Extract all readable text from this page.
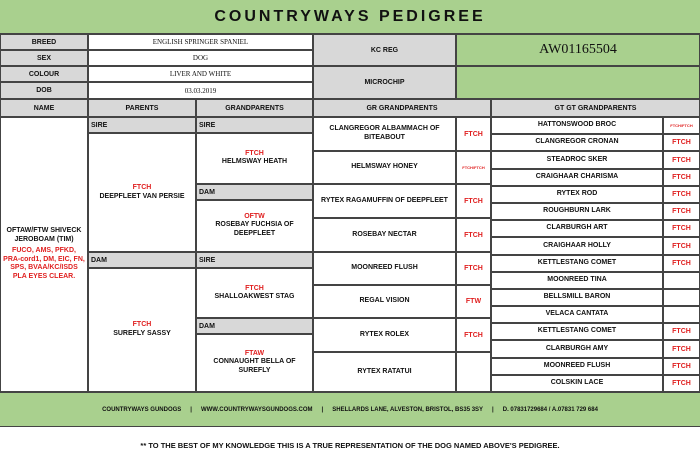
COUNTRYWAYS PEDIGREE
BREED	ENGLISH SPRINGER SPANIEL
SEX	DOG
COLOUR	LIVER AND WHITE
DOB	03.03.2019
KC REG	AW01165504
MICROCHIP
NAME	PARENTS	GRANDPARENTS	GR GRANDPARENTS	GT GT GRANDPARENTS
OFTAW/FTW SHIVECK JEROBOAM (TIM)
FUCO, AMS, PFKD, PRA-cord1, DM, EIC, FN, SPS, BVAA/KC/ISDS PLA EYES CLEAR.
SIRE
FTCH
DEEPFLEET VAN PERSIE
DAM
FTCH
SUREFLY SASSY
SIRE
FTCH
HELMSWAY HEATH
DAM
OFTW
ROSEBAY FUCHSIA OF DEEPFLEET
SIRE
FTCH
SHALLOAKWEST STAG
DAM
FTAW
CONNAUGHT BELLA OF SUREFLY
CLANGREGOR ALBAMMACH OF BITEABOUT	FTCH
HELMSWAY HONEY	FTCH/FTCH
RYTEX RAGAMUFFIN OF DEEPFLEET	FTCH
ROSEBAY NECTAR	FTCH
MOONREED FLUSH	FTCH
REGAL VISION	FTW
RYTEX ROLEX	FTCH
RYTEX RATATUI
HATTONSWOOD BROC	FTCH/FTCH
CLANGREGOR CRONAN	FTCH
STEADROC SKER	FTCH
CRAIGHAAR CHARISMA	FTCH
RYTEX ROD	FTCH
ROUGHBURN LARK	FTCH
CLARBURGH ART	FTCH
CRAIGHAAR HOLLY	FTCH
KETTLESTANG COMET	FTCH
MOONREED TINA
BELLSMILL BARON
VELACA CANTATA
KETTLESTANG COMET	FTCH
CLARBURGH AMY	FTCH
MOONREED FLUSH	FTCH
COLSKIN LACE	FTCH
COUNTRYWAYS GUNDOGS | WWW.COUNTRYWAYSGUNDOGS.COM | SHELLARDS LANE, ALVESTON, BRISTOL, BS35 3SY | D. 07831729684 / A.07831 729 684
** TO THE BEST OF MY KNOWLEDGE THIS IS A TRUE REPRESENTATION OF THE DOG NAMED ABOVE'S PEDIGREE.
